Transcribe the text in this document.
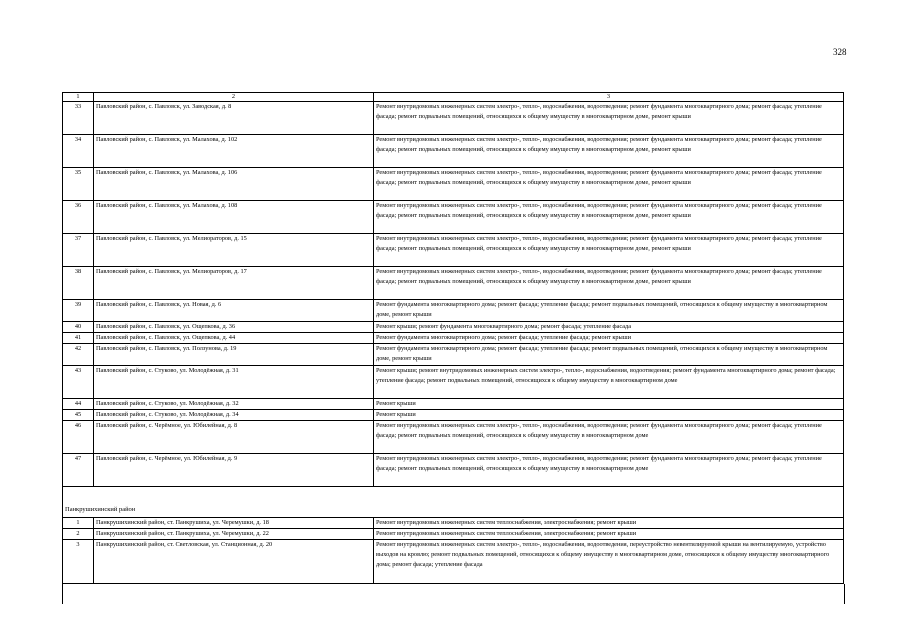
328
1	2	3
33	Павловский район, с. Павловск, ул. Заводская, д. 8	Ремонт внутридомовых инженерных систем электро-, тепло-, водоснабжения, водоотведения; ремонт фундамента многоквартирного дома; ремонт фасада; утепление фасада; ремонт подвальных помещений, относящихся к общему имуществу в многоквартирном доме, ремонт крыши
34	Павловский район, с. Павловск, ул. Малахова, д. 102	Ремонт внутридомовых инженерных систем электро-, тепло-, водоснабжения, водоотведения; ремонт фундамента многоквартирного дома; ремонт фасада; утепление фасада; ремонт подвальных помещений, относящихся к общему имуществу в многоквартирном доме, ремонт крыши
35	Павловский район, с. Павловск, ул. Малахова, д. 106	Ремонт внутридомовых инженерных систем электро-, тепло-, водоснабжения, водоотведения; ремонт фундамента многоквартирного дома; ремонт фасада; утепление фасада; ремонт подвальных помещений, относящихся к общему имуществу в многоквартирном доме, ремонт крыши
36	Павловский район, с. Павловск, ул. Малахова, д. 108	Ремонт внутридомовых инженерных систем электро-, тепло-, водоснабжения, водоотведения; ремонт фундамента многоквартирного дома; ремонт фасада; утепление фасада; ремонт подвальных помещений, относящихся к общему имуществу в многоквартирном доме, ремонт крыши
37	Павловский район, с. Павловск, ул. Мелиораторов, д. 15	Ремонт внутридомовых инженерных систем электро-, тепло-, водоснабжения, водоотведения; ремонт фундамента многоквартирного дома; ремонт фасада; утепление фасада; ремонт подвальных помещений, относящихся к общему имуществу в многоквартирном доме, ремонт крыши
38	Павловский район, с. Павловск, ул. Мелиораторов, д. 17	Ремонт внутридомовых инженерных систем электро-, тепло-, водоснабжения, водоотведения; ремонт фундамента многоквартирного дома; ремонт фасада; утепление фасада; ремонт подвальных помещений, относящихся к общему имуществу в многоквартирном доме, ремонт крыши
39	Павловский район, с. Павловск, ул. Новая, д. 6	Ремонт фундамента многоквартирного дома; ремонт фасада; утепление фасада; ремонт подвальных помещений, относящихся к общему имуществу в многоквартирном доме, ремонт крыши
40	Павловский район, с. Павловск, ул. Ощепкова, д. 36	Ремонт крыши; ремонт фундамента многоквартирного дома; ремонт фасада; утепление фасада
41	Павловский район, с. Павловск, ул. Ощепкова, д. 44	Ремонт фундамента многоквартирного дома; ремонт фасада; утепление фасада; ремонт крыши
42	Павловский район, с. Павловск, ул. Ползунова, д. 19	Ремонт фундамента многоквартирного дома; ремонт фасада; утепление фасада; ремонт подвальных помещений, относящихся к общему имуществу в многоквартирном доме, ремонт крыши
43	Павловский район, с. Стуково, ул. Молодёжная, д. 31	Ремонт крыши; ремонт внутридомовых инженерных систем электро-, тепло-, водоснабжения, водоотведения; ремонт фундамента многоквартирного дома; ремонт фасада; утепление фасада; ремонт подвальных помещений, относящихся к общему имуществу в многоквартирном доме
44	Павловский район, с. Стуково, ул. Молодёжная, д. 32	Ремонт крыши
45	Павловский район, с. Стуково, ул. Молодёжная, д. 34	Ремонт крыши
46	Павловский район, с. Черёмное, ул. Юбилейная, д. 8	Ремонт внутридомовых инженерных систем электро-, тепло-, водоснабжения, водоотведения; ремонт фундамента многоквартирного дома; ремонт фасада; утепление фасада; ремонт подвальных помещений, относящихся к общему имуществу в многоквартирном доме
47	Павловский район, с. Черёмное, ул. Юбилейная, д. 9	Ремонт внутридомовых инженерных систем электро-, тепло-, водоснабжения, водоотведения; ремонт фундамента многоквартирного дома; ремонт фасада; утепление фасада; ремонт подвальных помещений, относящихся к общему имуществу в многоквартирном доме
Панкрушихинский район		
1	Панкрушихинский район, ст. Панкрушиха, ул. Черемушки, д. 18	Ремонт внутридомовых инженерных систем теплоснабжения, электроснабжения; ремонт крыши
2	Панкрушихинский район, ст. Панкрушиха, ул. Черемушки, д. 22	Ремонт внутридомовых инженерных систем теплоснабжения, электроснабжения; ремонт крыши
3	Панкрушихинский район, ст. Светловская, ул. Станционная, д. 20	Ремонт внутридомовых инженерных систем электро-, тепло-, водоснабжения, водоотведения, переустройство невентилируемой крыши на вентилируемую, устройство выходов на кровлю; ремонт подвальных помещений, относящихся к общему имуществу в многоквартирном доме, относящихся к общему имуществу многоквартирного дома; ремонт фасада; утепление фасада
